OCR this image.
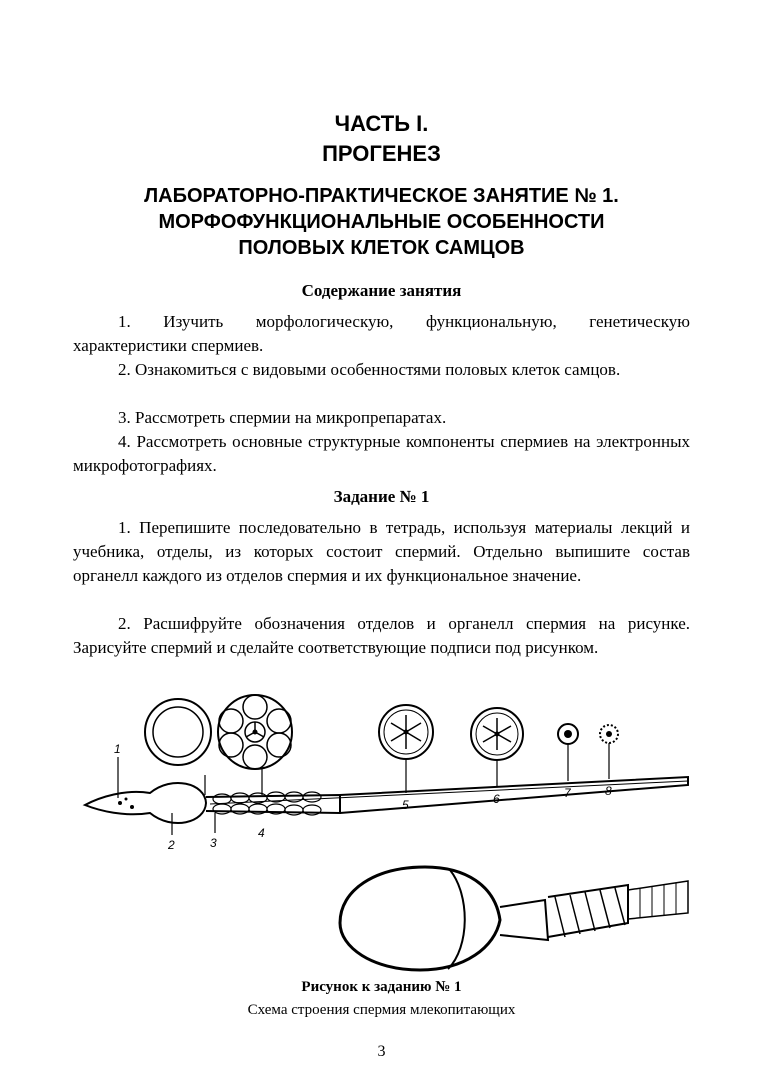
ЧАСТЬ I.
ПРОГЕНЕЗ
ЛАБОРАТОРНО-ПРАКТИЧЕСКОЕ ЗАНЯТИЕ № 1.
МОРФОФУНКЦИОНАЛЬНЫЕ ОСОБЕННОСТИ
ПОЛОВЫХ КЛЕТОК САМЦОВ
Содержание занятия

1. Изучить морфологическую, функциональную, генетическую характеристики спермиев.

2. Ознакомиться с видовыми особенностями половых клеток самцов.

3. Рассмотреть спермии на микропрепаратах.

4. Рассмотреть основные структурные компоненты спермиев на электронных микрофотографиях.

Задание № 1

1. Перепишите последовательно в тетрадь, используя материалы лекций и учебника, отделы, из которых состоит спермий. Отдельно выпишите состав органелл каждого из отделов спермия и их функциональное значение.

2. Расшифруйте обозначения отделов и органелл спермия на рисунке. Зарисуйте спермий и сделайте соответствующие подписи под рисунком.

1
2	3
4
5	6	7	8
Рисунок к заданию № 1
Схема строения спермия млекопитающих
3
